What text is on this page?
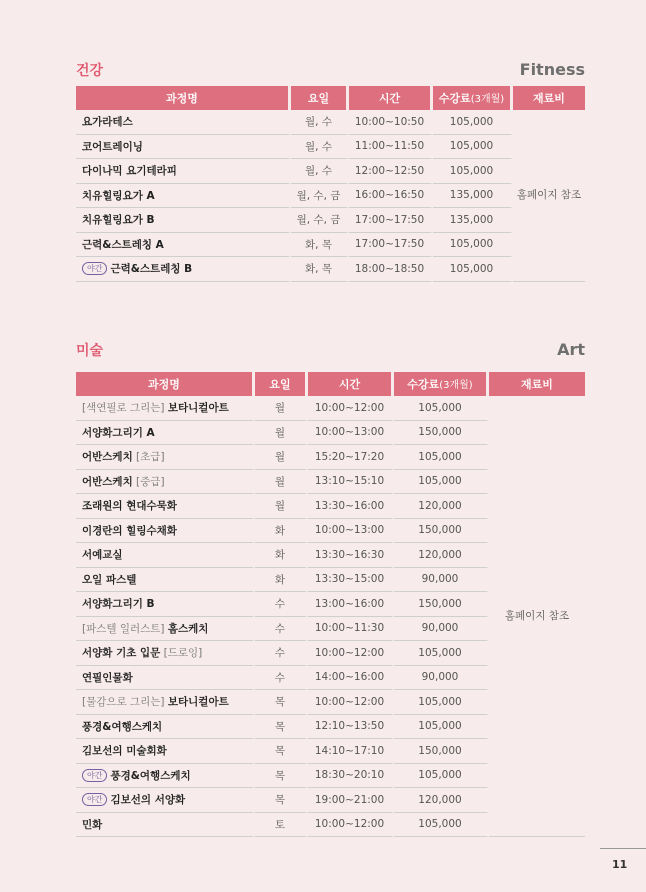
건강	Fitness
과정명	요일	시간	수강료(3개월)	재료비
요가라테스	월, 수	10:00~10:50	105,000	홈페이지 참조
코어트레이닝	월, 수	11:00~11:50	105,000	
다이나믹 요기테라피	월, 수	12:00~12:50	105,000	
치유힐링요가 A	월, 수, 금	16:00~16:50	135,000	
치유힐링요가 B	월, 수, 금	17:00~17:50	135,000	
근력&스트레칭 A	화, 목	17:00~17:50	105,000	
야간 근력&스트레칭 B	화, 목	18:00~18:50	105,000	
미술	Art
과정명	요일	시간	수강료(3개월)	재료비
[색연필로 그리는] 보타니컬아트	월	10:00~12:00	105,000	홈페이지 참조
서양화그리기 A	월	10:00~13:00	150,000	
어반스케치 [초급]	월	15:20~17:20	105,000	
어반스케치 [중급]	월	13:10~15:10	105,000	
조래원의 현대수묵화	월	13:30~16:00	120,000	
이경란의 힐링수채화	화	10:00~13:00	150,000	
서예교실	화	13:30~16:30	120,000	
오일 파스텔	화	13:30~15:00	90,000	
서양화그리기 B	수	13:00~16:00	150,000	
[파스텔 일러스트] 홈스케치	수	10:00~11:30	90,000	
서양화 기초 입문 [드로잉]	수	10:00~12:00	105,000	
연필인물화	수	14:00~16:00	90,000	
[물감으로 그리는] 보타니컬아트	목	10:00~12:00	105,000	
풍경&여행스케치	목	12:10~13:50	105,000	
김보선의 미술회화	목	14:10~17:10	150,000	
야간 풍경&여행스케치	목	18:30~20:10	105,000	
야간 김보선의 서양화	목	19:00~21:00	120,000	
민화	토	10:00~12:00	105,000	
11
